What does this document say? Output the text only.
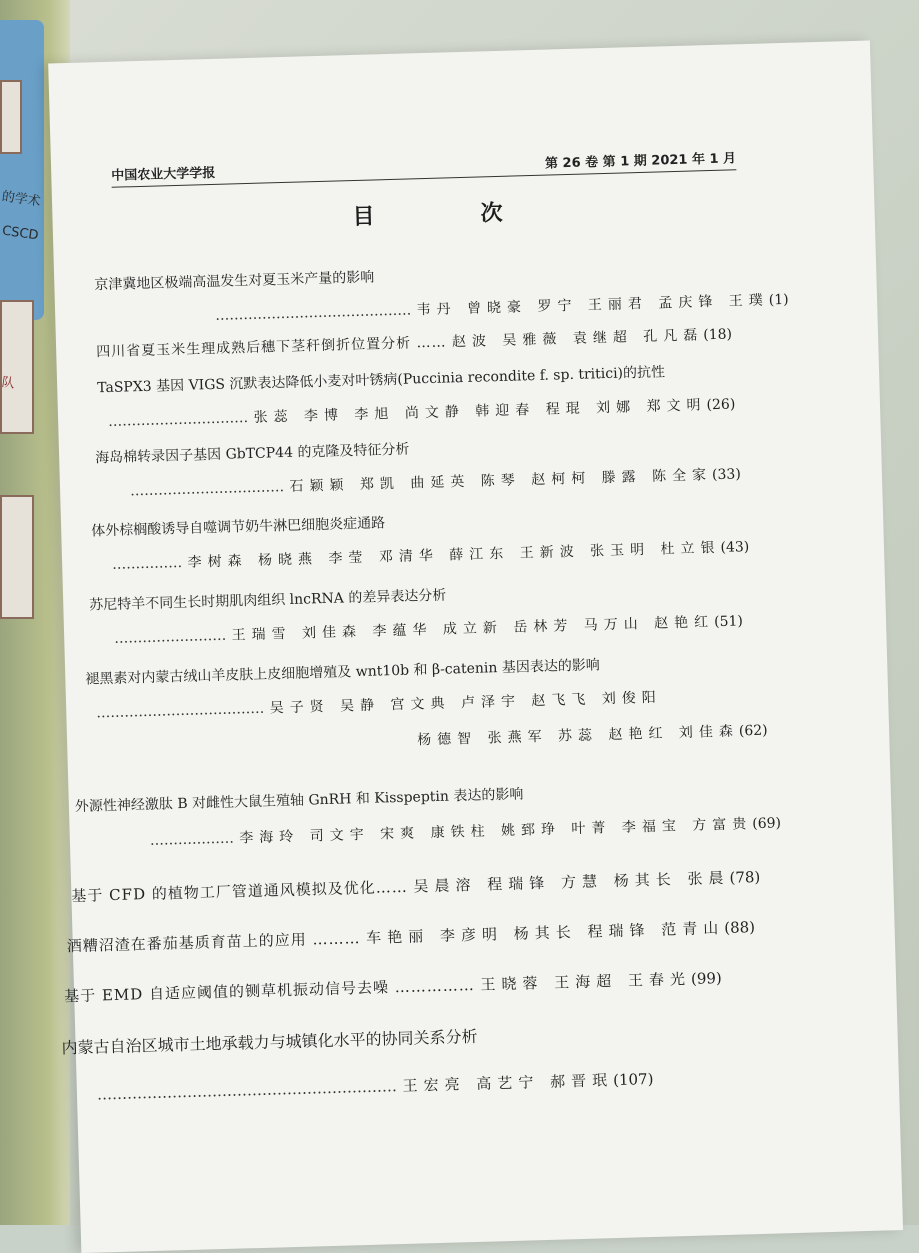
的学术
CSCD
队
中国农业大学学报
第 26 卷 第 1 期 2021 年 1 月
目　次
京津冀地区极端高温发生对夏玉米产量的影响
…………………………………… 韦丹 曾晓豪 罗宁 王丽君 孟庆锋 王璞(1)
四川省夏玉米生理成熟后穗下茎秆倒折位置分析 …… 赵波 吴雅薇 袁继超 孔凡磊(18)
TaSPX3 基因 VIGS 沉默表达降低小麦对叶锈病(Puccinia recondite f. sp. tritici)的抗性
………………………… 张蕊 李博 李旭 尚文静 韩迎春 程琨 刘娜 郑文明(26)
海岛棉转录因子基因 GbTCP44 的克隆及特征分析
…………………………… 石颖颖 郑凯 曲延英 陈琴 赵柯柯 滕露 陈全家(33)
体外棕榈酸诱导自噬调节奶牛淋巴细胞炎症通路
…………… 李树森 杨晓燕 李莹 邓清华 薛江东 王新波 张玉明 杜立银(43)
苏尼特羊不同生长时期肌肉组织 lncRNA 的差异表达分析
…………………… 王瑞雪 刘佳森 李蕴华 成立新 岳林芳 马万山 赵艳红(51)
褪黑素对内蒙古绒山羊皮肤上皮细胞增殖及 wnt10b 和 β-catenin 基因表达的影响
……………………………… 吴子贤 吴静 宫文典 卢泽宇 赵飞飞 刘俊阳
杨德智 张燕军 苏蕊 赵艳红 刘佳森(62)
外源性神经激肽 B 对雌性大鼠生殖轴 GnRH 和 Kisspeptin 表达的影响
……………… 李海玲 司文宇 宋爽 康铁柱 姚郅琤 叶菁 李福宝 方富贵(69)
基于 CFD 的植物工厂管道通风模拟及优化…… 吴晨溶 程瑞锋 方慧 杨其长 张晨(78)
酒糟沼渣在番茄基质育苗上的应用 ……… 车艳丽 李彦明 杨其长 程瑞锋 范青山(88)
基于 EMD 自适应阈值的铡草机振动信号去噪 …………… 王晓蓉 王海超 王春光(99)
内蒙古自治区城市土地承载力与城镇化水平的协同关系分析
…………………………………………………… 王宏亮 高艺宁 郝晋珉(107)
